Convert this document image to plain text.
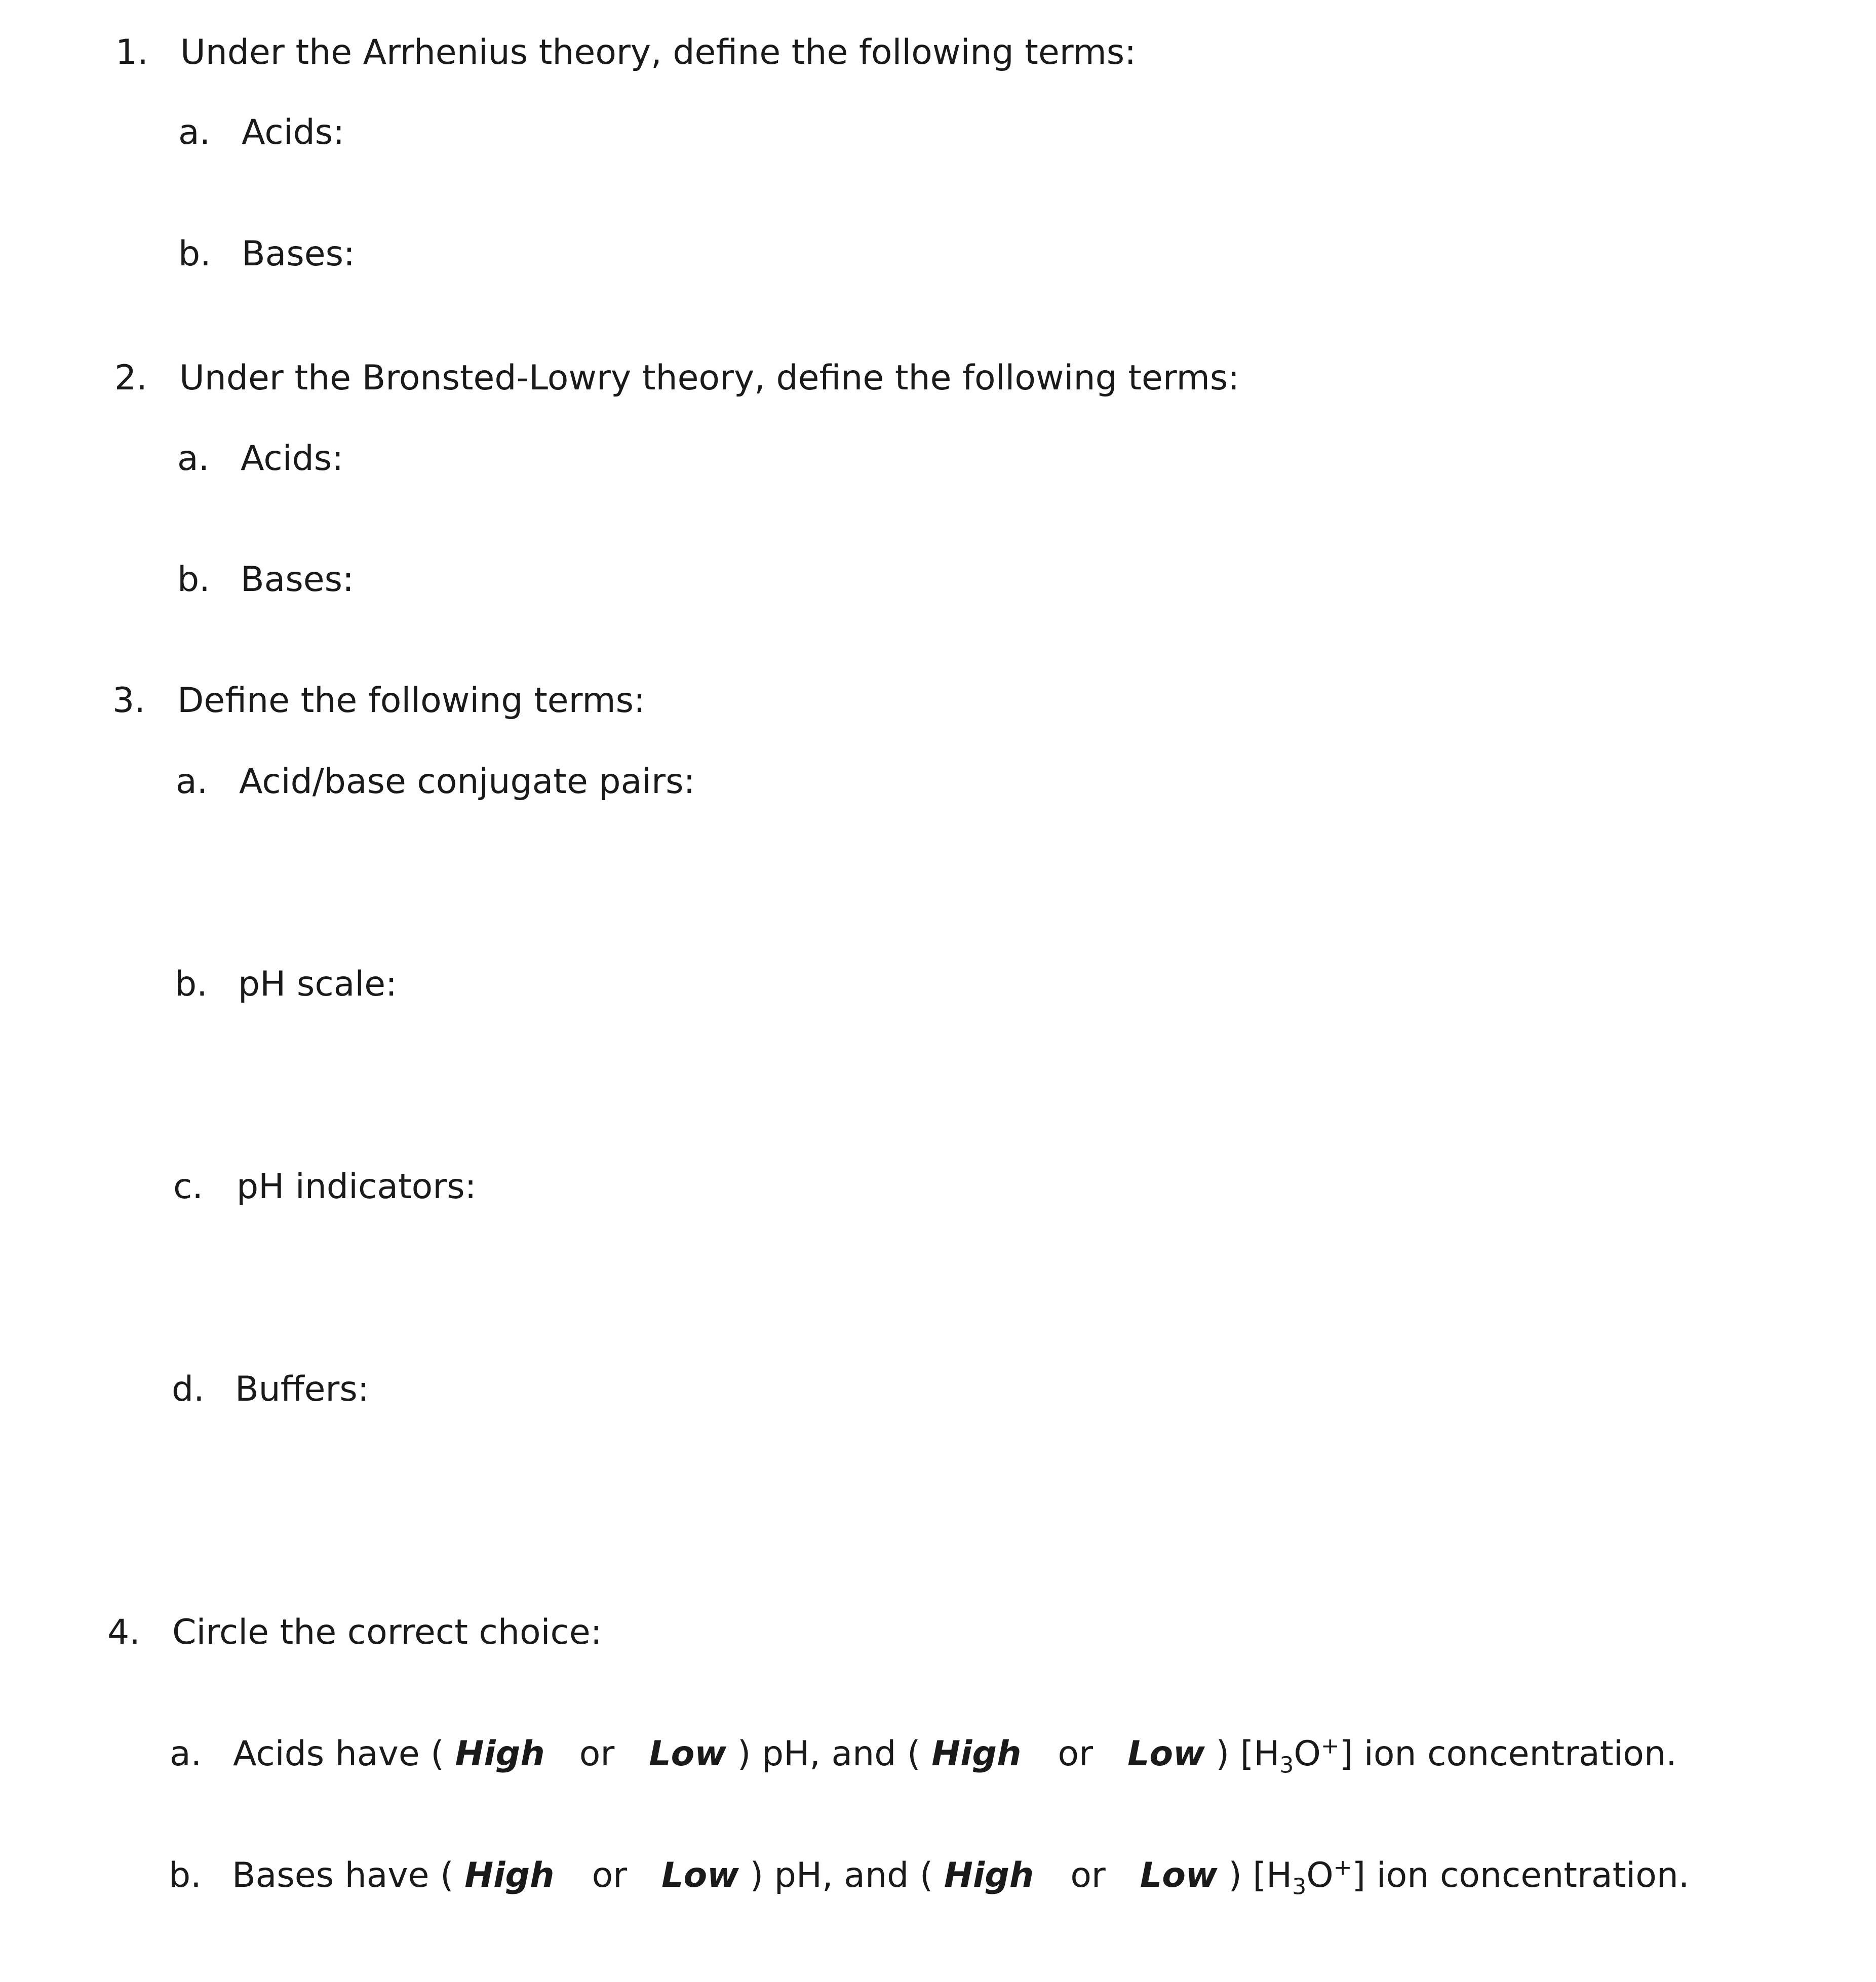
1. Under the Arrhenius theory, define the following terms:
a. Acids:
b. Bases:
2. Under the Bronsted-Lowry theory, define the following terms:
a. Acids:
b. Bases:
3. Define the following terms:
a. Acid/base conjugate pairs:
b. pH scale:
c. pH indicators:
d. Buffers:
4. Circle the correct choice:
a. Acids have ( High or Low ) pH, and ( High or Low ) $[H_3O^+]$ ion concentration.
b. Bases have ( High or Low ) pH, and ( High or Low ) $[H_3O^+]$ ion concentration.
